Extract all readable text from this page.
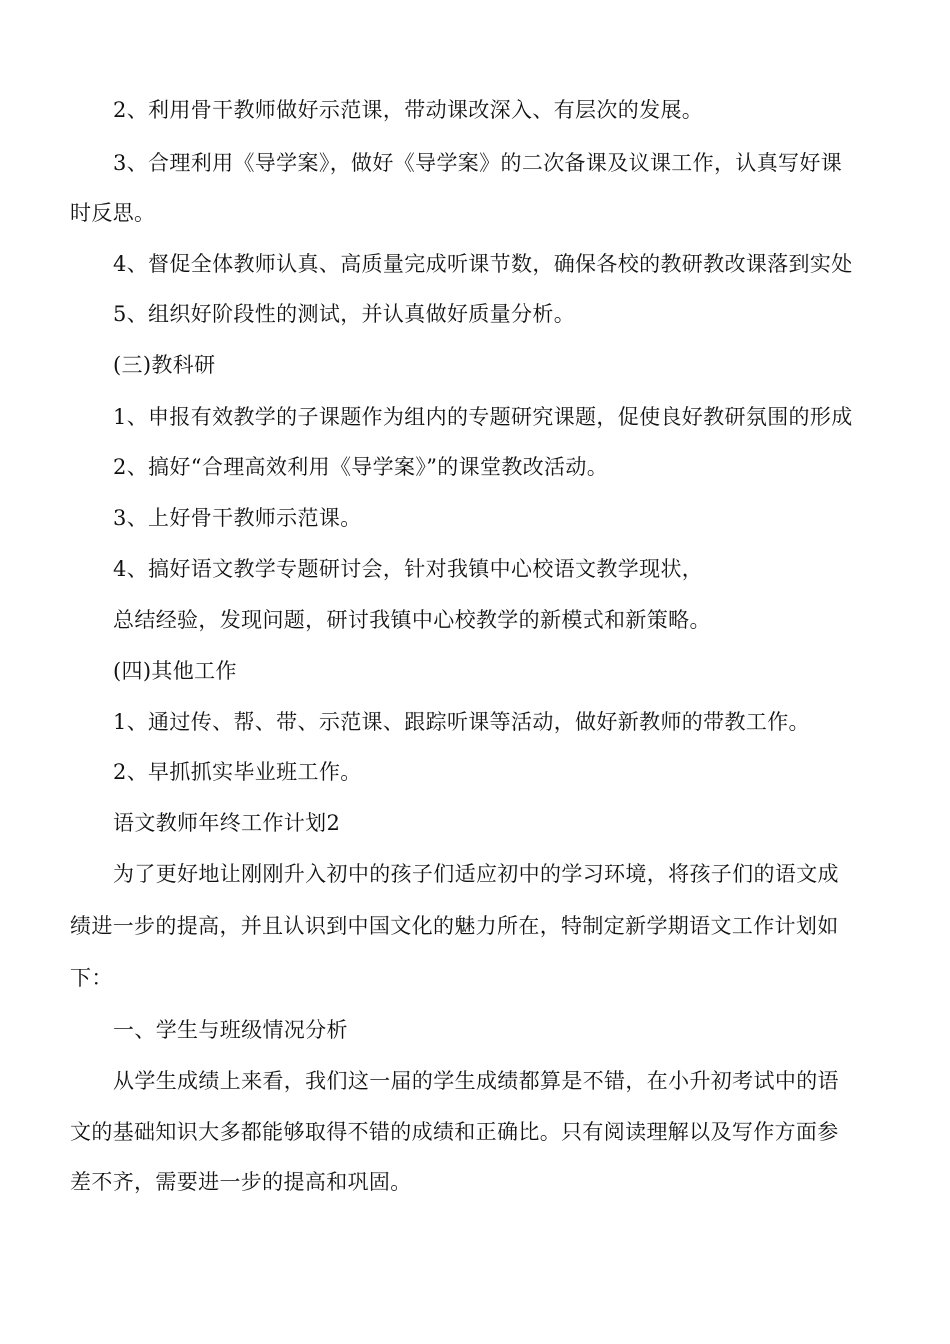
2、利用骨干教师做好示范课，带动课改深入、有层次的发展。
3、合理利用《导学案》，做好《导学案》的二次备课及议课工作，认真写好课
时反思。
4、督促全体教师认真、高质量完成听课节数，确保各校的教研教改课落到实处
5、组织好阶段性的测试，并认真做好质量分析。
(三)教科研
1、申报有效教学的子课题作为组内的专题研究课题，促使良好教研氛围的形成
2、搞好“合理高效利用《导学案》”的课堂教改活动。
3、上好骨干教师示范课。
4、搞好语文教学专题研讨会，针对我镇中心校语文教学现状，
总结经验，发现问题，研讨我镇中心校教学的新模式和新策略。
(四)其他工作
1、通过传、帮、带、示范课、跟踪听课等活动，做好新教师的带教工作。
2、早抓抓实毕业班工作。
语文教师年终工作计划2
为了更好地让刚刚升入初中的孩子们适应初中的学习环境，将孩子们的语文成
绩进一步的提高，并且认识到中国文化的魅力所在，特制定新学期语文工作计划如
下：
一、学生与班级情况分析
从学生成绩上来看，我们这一届的学生成绩都算是不错，在小升初考试中的语
文的基础知识大多都能够取得不错的成绩和正确比。只有阅读理解以及写作方面参
差不齐，需要进一步的提高和巩固。
